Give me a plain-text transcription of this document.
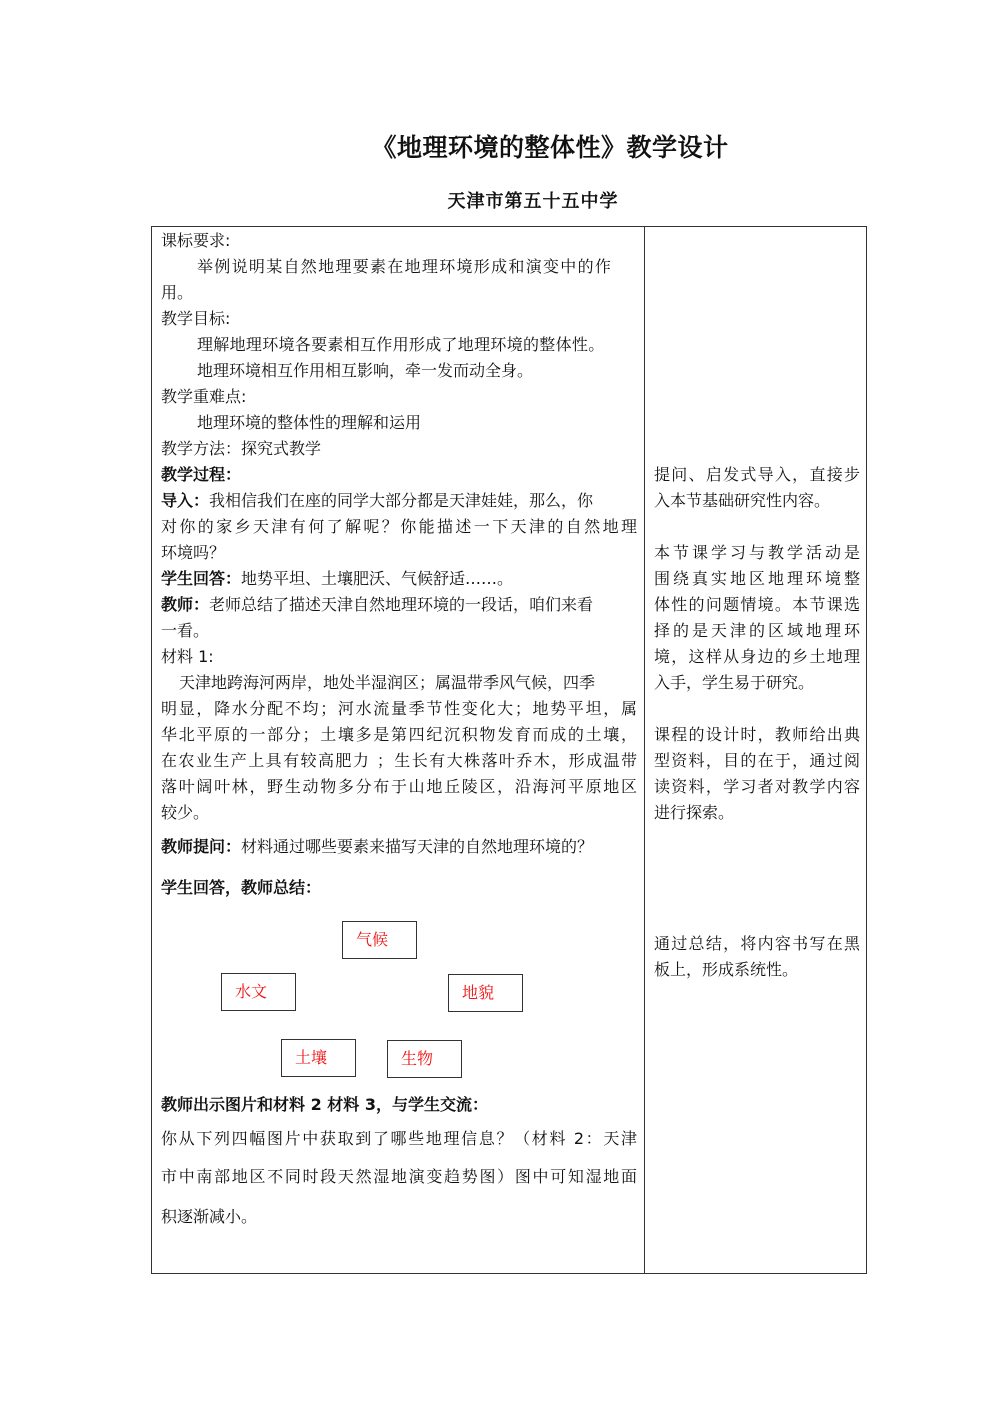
《地理环境的整体性》教学设计
天津市第五十五中学
课标要求:
举例说明某自然地理要素在地理环境形成和演变中的作
用。
教学目标:
理解地理环境各要素相互作用形成了地理环境的整体性。
地理环境相互作用相互影响，牵一发而动全身。
教学重难点:
地理环境的整体性的理解和运用
教学方法：探究式教学
教学过程：
导入：我相信我们在座的同学大部分都是天津娃娃，那么，你
对你的家乡天津有何了解呢？你能描述一下天津的自然地理
环境吗？
学生回答：地势平坦、土壤肥沃、气候舒适……。
教师：老师总结了描述天津自然地理环境的一段话，咱们来看
一看。
材料 1:
天津地跨海河两岸，地处半湿润区；属温带季风气候，四季
明显，降水分配不均；河水流量季节性变化大；地势平坦，属
华北平原的一部分；土壤多是第四纪沉积物发育而成的土壤，
在农业生产上具有较高肥力 ；生长有大株落叶乔木，形成温带
落叶阔叶林，野生动物多分布于山地丘陵区，沿海河平原地区
较少。
教师提问：材料通过哪些要素来描写天津的自然地理环境的？
学生回答，教师总结：
气候
水文	地貌
土壤	生物
教师出示图片和材料 2 材料 3，与学生交流：
你从下列四幅图片中获取到了哪些地理信息？（材料 2：天津
市中南部地区不同时段天然湿地演变趋势图）图中可知湿地面
积逐渐减小。
提问、启发式导入，直接步
入本节基础研究性内容。
本节课学习与教学活动是
围绕真实地区地理环境整
体性的问题情境。本节课选
择的是天津的区域地理环
境，这样从身边的乡土地理
入手，学生易于研究。
课程的设计时，教师给出典
型资料，目的在于，通过阅
读资料，学习者对教学内容
进行探索。
通过总结，将内容书写在黑
板上，形成系统性。
